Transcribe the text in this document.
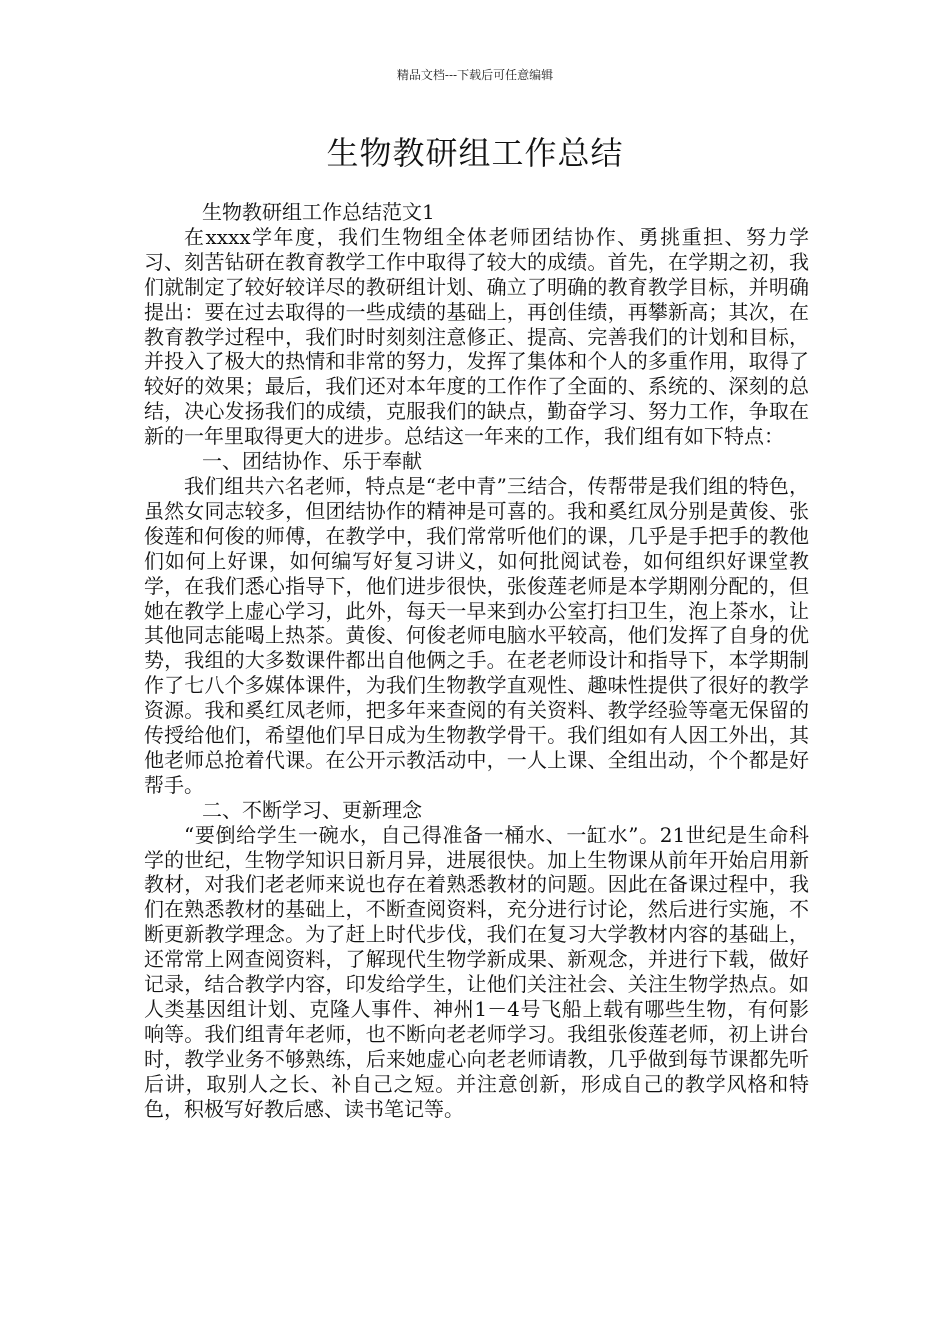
精品文档---下载后可任意编辑
生物教研组工作总结

生物教研组工作总结范文1

在xxxx学年度，我们生物组全体老师团结协作、勇挑重担、努力学习、刻苦钻研在教育教学工作中取得了较大的成绩。首先，在学期之初，我们就制定了较好较详尽的教研组计划、确立了明确的教育教学目标，并明确提出：要在过去取得的一些成绩的基础上，再创佳绩，再攀新高；其次，在教育教学过程中，我们时时刻刻注意修正、提高、完善我们的计划和目标，并投入了极大的热情和非常的努力，发挥了集体和个人的多重作用，取得了较好的效果；最后，我们还对本年度的工作作了全面的、系统的、深刻的总结，决心发扬我们的成绩，克服我们的缺点，勤奋学习、努力工作，争取在新的一年里取得更大的进步。总结这一年来的工作，我们组有如下特点：

一、团结协作、乐于奉献

我们组共六名老师，特点是“老中青”三结合，传帮带是我们组的特色，虽然女同志较多，但团结协作的精神是可喜的。我和奚红凤分别是黄俊、张俊莲和何俊的师傅，在教学中，我们常常听他们的课，几乎是手把手的教他们如何上好课，如何编写好复习讲义，如何批阅试卷，如何组织好课堂教学，在我们悉心指导下，他们进步很快，张俊莲老师是本学期刚分配的，但她在教学上虚心学习，此外，每天一早来到办公室打扫卫生，泡上茶水，让其他同志能喝上热茶。黄俊、何俊老师电脑水平较高，他们发挥了自身的优势，我组的大多数课件都出自他俩之手。在老老师设计和指导下，本学期制作了七八个多媒体课件，为我们生物教学直观性、趣味性提供了很好的教学资源。我和奚红凤老师，把多年来查阅的有关资料、教学经验等毫无保留的传授给他们，希望他们早日成为生物教学骨干。我们组如有人因工外出，其他老师总抢着代课。在公开示教活动中，一人上课、全组出动，个个都是好帮手。

二、不断学习、更新理念

“要倒给学生一碗水，自己得准备一桶水、一缸水”。21世纪是生命科学的世纪，生物学知识日新月异，进展很快。加上生物课从前年开始启用新教材，对我们老老师来说也存在着熟悉教材的问题。因此在备课过程中，我们在熟悉教材的基础上，不断查阅资料，充分进行讨论，然后进行实施，不断更新教学理念。为了赶上时代步伐，我们在复习大学教材内容的基础上，还常常上网查阅资料，了解现代生物学新成果、新观念，并进行下载，做好记录，结合教学内容，印发给学生，让他们关注社会、关注生物学热点。如人类基因组计划、克隆人事件、神州1－4号飞船上载有哪些生物，有何影响等。我们组青年老师，也不断向老老师学习。我组张俊莲老师，初上讲台时，教学业务不够熟练，后来她虚心向老老师请教，几乎做到每节课都先听后讲，取别人之长、补自己之短。并注意创新，形成自己的教学风格和特色，积极写好教后感、读书笔记等。
